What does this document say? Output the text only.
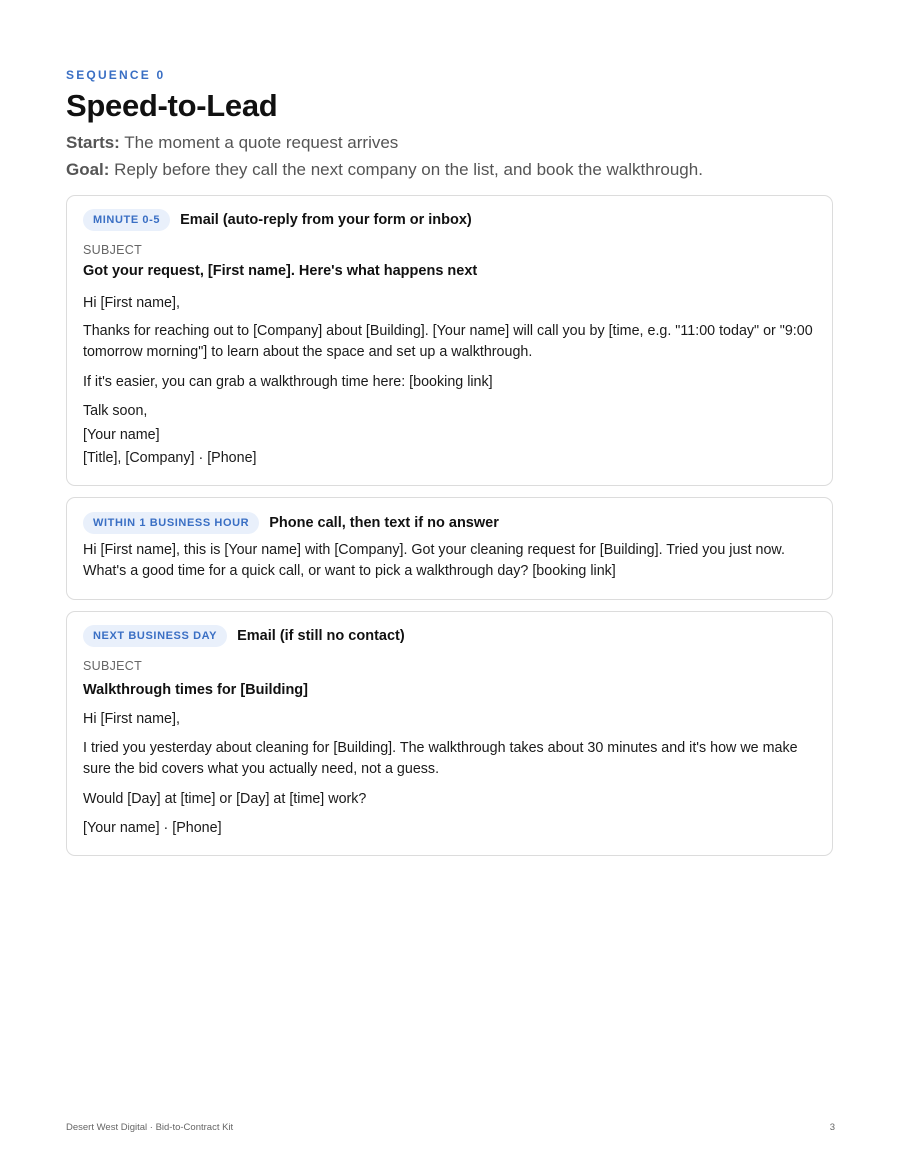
SEQUENCE 0
Speed-to-Lead
Starts: The moment a quote request arrives
Goal: Reply before they call the next company on the list, and book the walkthrough.
MINUTE 0-5	Email (auto-reply from your form or inbox)
SUBJECT
Got your request, [First name]. Here's what happens next
Hi [First name],

Thanks for reaching out to [Company] about [Building]. [Your name] will call you by [time, e.g. "11:00 today" or "9:00 tomorrow morning"] to learn about the space and set up a walkthrough.

If it's easier, you can grab a walkthrough time here: [booking link]
Talk soon,
[Your name]
[Title], [Company] · [Phone]
WITHIN 1 BUSINESS HOUR	Phone call, then text if no answer

Hi [First name], this is [Your name] with [Company]. Got your cleaning request for [Building]. Tried you just now. What's a good time for a quick call, or want to pick a walkthrough day? [booking link]

NEXT BUSINESS DAY	Email (if still no contact)
SUBJECT
Walkthrough times for [Building]
Hi [First name],

I tried you yesterday about cleaning for [Building]. The walkthrough takes about 30 minutes and it's how we make sure the bid covers what you actually need, not a guess.

Would [Day] at [time] or [Day] at [time] work?
[Your name] · [Phone]
Desert West Digital · Bid-to-Contract Kit	3
